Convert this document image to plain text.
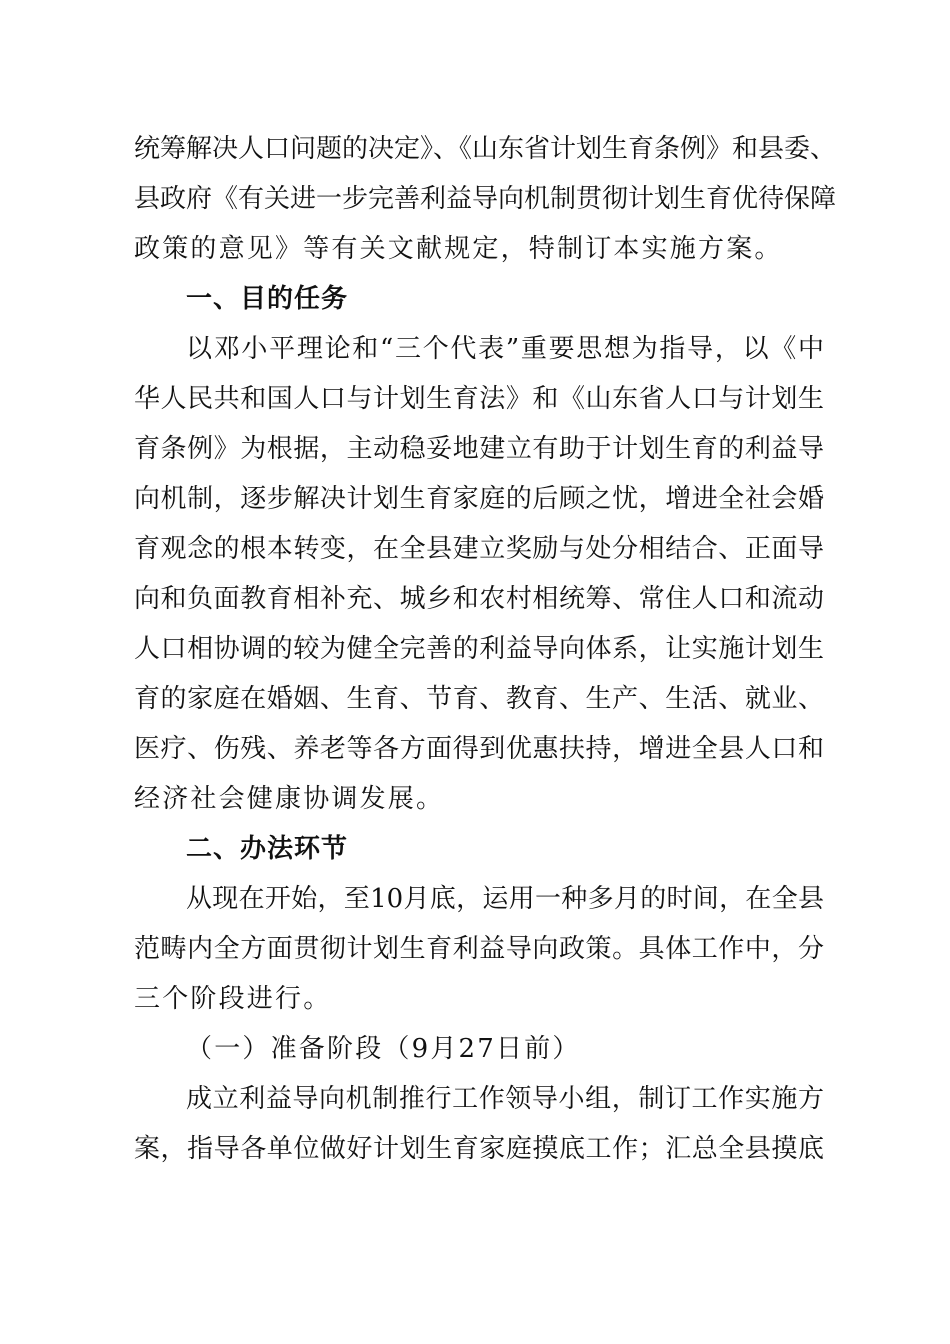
统筹解决人口问题的决定》、《山东省计划生育条例》和县委、
县政府《有关进一步完善利益导向机制贯彻计划生育优待保障
政策的意见》等有关文献规定，特制订本实施方案。
一、目的任务
以邓小平理论和“三个代表”重要思想为指导，以《中
华人民共和国人口与计划生育法》和《山东省人口与计划生
育条例》为根据，主动稳妥地建立有助于计划生育的利益导
向机制，逐步解决计划生育家庭的后顾之忧，增进全社会婚
育观念的根本转变，在全县建立奖励与处分相结合、正面导
向和负面教育相补充、城乡和农村相统筹、常住人口和流动
人口相协调的较为健全完善的利益导向体系，让实施计划生
育的家庭在婚姻、生育、节育、教育、生产、生活、就业、
医疗、伤残、养老等各方面得到优惠扶持，增进全县人口和
经济社会健康协调发展。
二、办法环节
从现在开始，至10月底，运用一种多月的时间，在全县
范畴内全方面贯彻计划生育利益导向政策。具体工作中，分
三个阶段进行。
（一）准备阶段（9月27日前）
成立利益导向机制推行工作领导小组，制订工作实施方
案，指导各单位做好计划生育家庭摸底工作；汇总全县摸底
